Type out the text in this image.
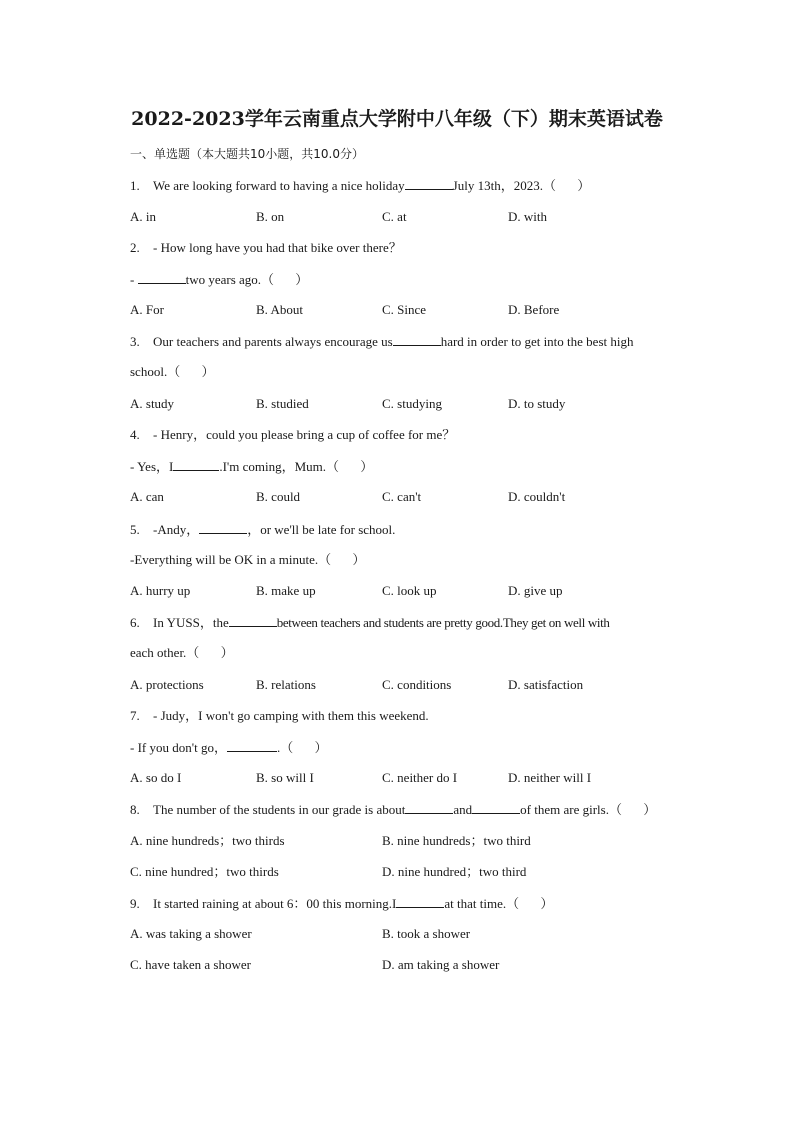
2022-2023学年云南重点大学附中八年级（下）期末英语试卷
一、单选题（本大题共10小题，共10.0分）
1. We are looking forward to having a nice holiday	July 13th，2023.（ ）
A. in	B. on	C. at	D. with
2. - How long have you had that bike over there？
-	two years ago.（ ）
A. For	B. About	C. Since	D. Before
3. Our teachers and parents always encourage us	hard in order to get into the best high
school.（ ）
A. study	B. studied	C. studying	D. to study
4. - Henry，could you please bring a cup of coffee for me？
- Yes，I	.I'm coming，Mum.（ ）
A. can	B. could	C. can't	D. couldn't
5. -Andy，	，or we'll be late for school.
-Everything will be OK in a minute.（ ）
A. hurry up	B. make up	C. look up	D. give up
6. In YUSS，the	between teachers and students are pretty good.They get on well with
each other.（ ）
A. protections	B. relations	C. conditions	D. satisfaction
7. - Judy，I won't go camping with them this weekend.
- If you don't go，	.（ ）
A. so do I	B. so will I	C. neither do I	D. neither will I
8. The number of the students in our grade is about	and	of them are girls.（ ）
A. nine hundreds；two thirds	B. nine hundreds；two third
C. nine hundred；two thirds	D. nine hundred；two third
9. It started raining at about 6：00 this morning.I	at that time.（ ）
A. was taking a shower	B. took a shower
C. have taken a shower	D. am taking a shower
